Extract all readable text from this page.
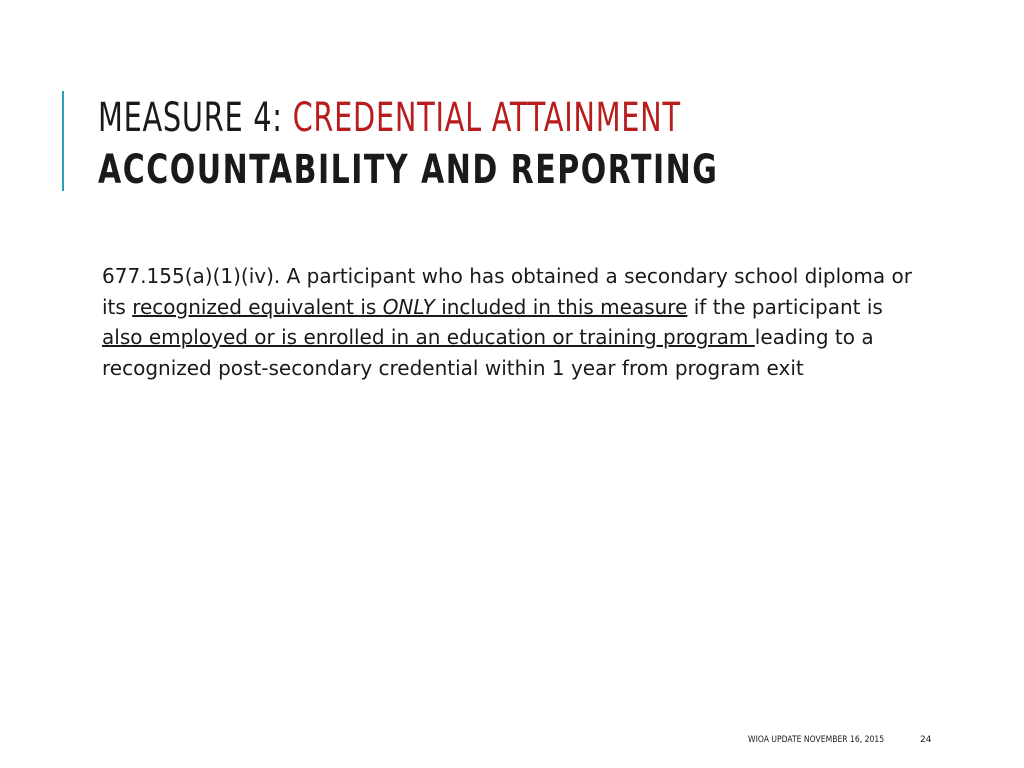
MEASURE 4: CREDENTIAL ATTAINMENT
ACCOUNTABILITY AND REPORTING
677.155(a)(1)(iv). A participant who has obtained a secondary school diploma or its recognized equivalent is ONLY included in this measure if the participant is also employed or is enrolled in an education or training program leading to a recognized post-secondary credential within 1 year from program exit
WIOA UPDATE NOVEMBER 16, 2015	24
